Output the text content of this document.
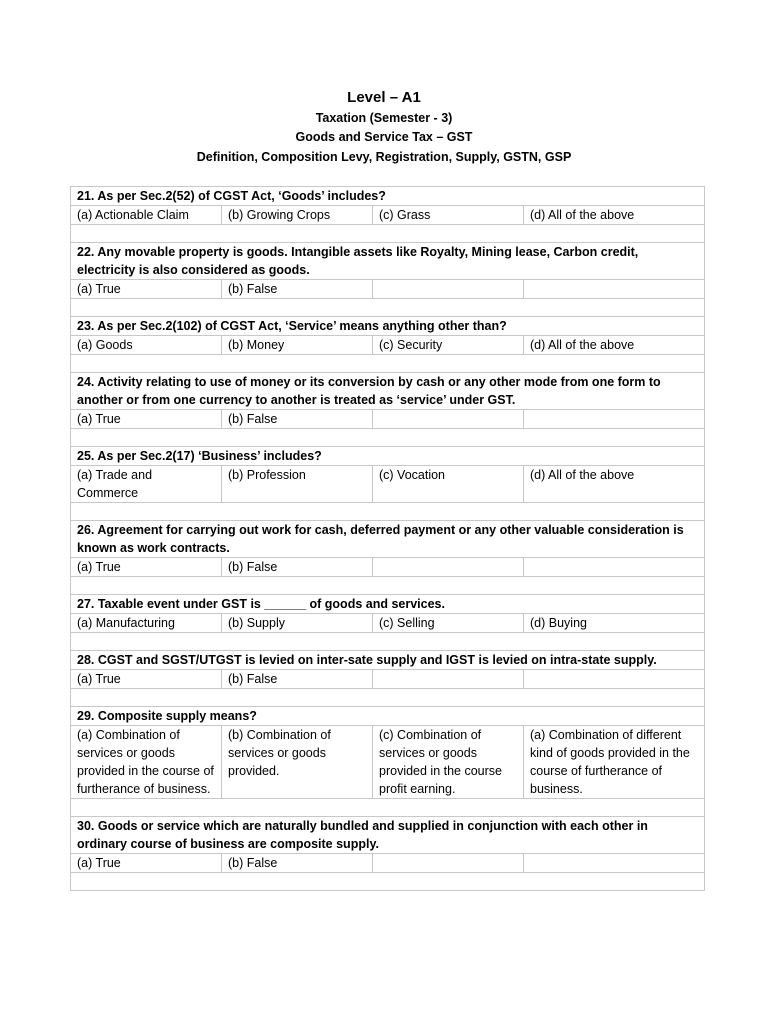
Level – A1
Taxation (Semester - 3)
Goods and Service Tax – GST
Definition, Composition Levy, Registration, Supply, GSTN, GSP
21. As per Sec.2(52) of CGST Act, ‘Goods’ includes?			
(a) Actionable Claim	(b) Growing Crops	(c) Grass	(d) All of the above

22. Any movable property is goods. Intangible assets like Royalty, Mining lease, Carbon credit, electricity is also considered as goods.			
(a) True	(b) False		

23. As per Sec.2(102) of CGST Act, ‘Service’ means anything other than?			
(a) Goods	(b) Money	(c) Security	(d) All of the above

24. Activity relating to use of money or its conversion by cash or any other mode from one form to another or from one currency to another is treated as ‘service’ under GST.			
(a) True	(b) False		

25. As per Sec.2(17) ‘Business’ includes?			
(a) Trade and Commerce	(b) Profession	(c) Vocation	(d) All of the above

26. Agreement for carrying out work for cash, deferred payment or any other valuable consideration is known as work contracts.			
(a) True	(b) False		

27. Taxable event under GST is ______ of goods and services.			
(a) Manufacturing	(b) Supply	(c) Selling	(d) Buying

28. CGST and SGST/UTGST is levied on inter-sate supply and IGST is levied on intra-state supply.			
(a) True	(b) False		

29. Composite supply means?			
(a) Combination of services or goods provided in the course of furtherance of business.	(b) Combination of services or goods provided.	(c) Combination of services or goods provided in the course profit earning.	(a) Combination of different kind of goods provided in the course of furtherance of business.

30. Goods or service which are naturally bundled and supplied in conjunction with each other in ordinary course of business are composite supply.			
(a) True	(b) False		
